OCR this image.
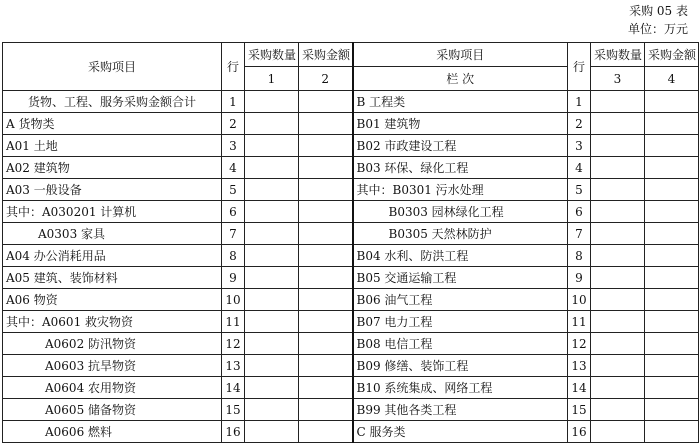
采购 05 表
单位：万元
采购项目	行	采购数量	采购金额	采购项目	行	采购数量	采购金额
		1	2	栏 次		3	4
货物、工程、服务采购金额合计	1			B 工程类	1		
A 货物类	2			B01 建筑物	2		
A01 土地	3			B02 市政建设工程	3		
A02 建筑物	4			B03 环保、绿化工程	4		
A03 一般设备	5			其中：B0301 污水处理	5		
其中：A030201 计算机	6			B0303 园林绿化工程	6		
A0303 家具	7			B0305 天然林防护	7		
A04 办公消耗用品	8			B04 水利、防洪工程	8		
A05 建筑、装饰材料	9			B05 交通运输工程	9		
A06 物资	10			B06 油气工程	10		
其中：A0601 救灾物资	11			B07 电力工程	11		
A0602 防汛物资	12			B08 电信工程	12		
A0603 抗旱物资	13			B09 修缮、装饰工程	13		
A0604 农用物资	14			B10 系统集成、网络工程	14		
A0605 储备物资	15			B99 其他各类工程	15		
A0606 燃料	16			C 服务类	16		
